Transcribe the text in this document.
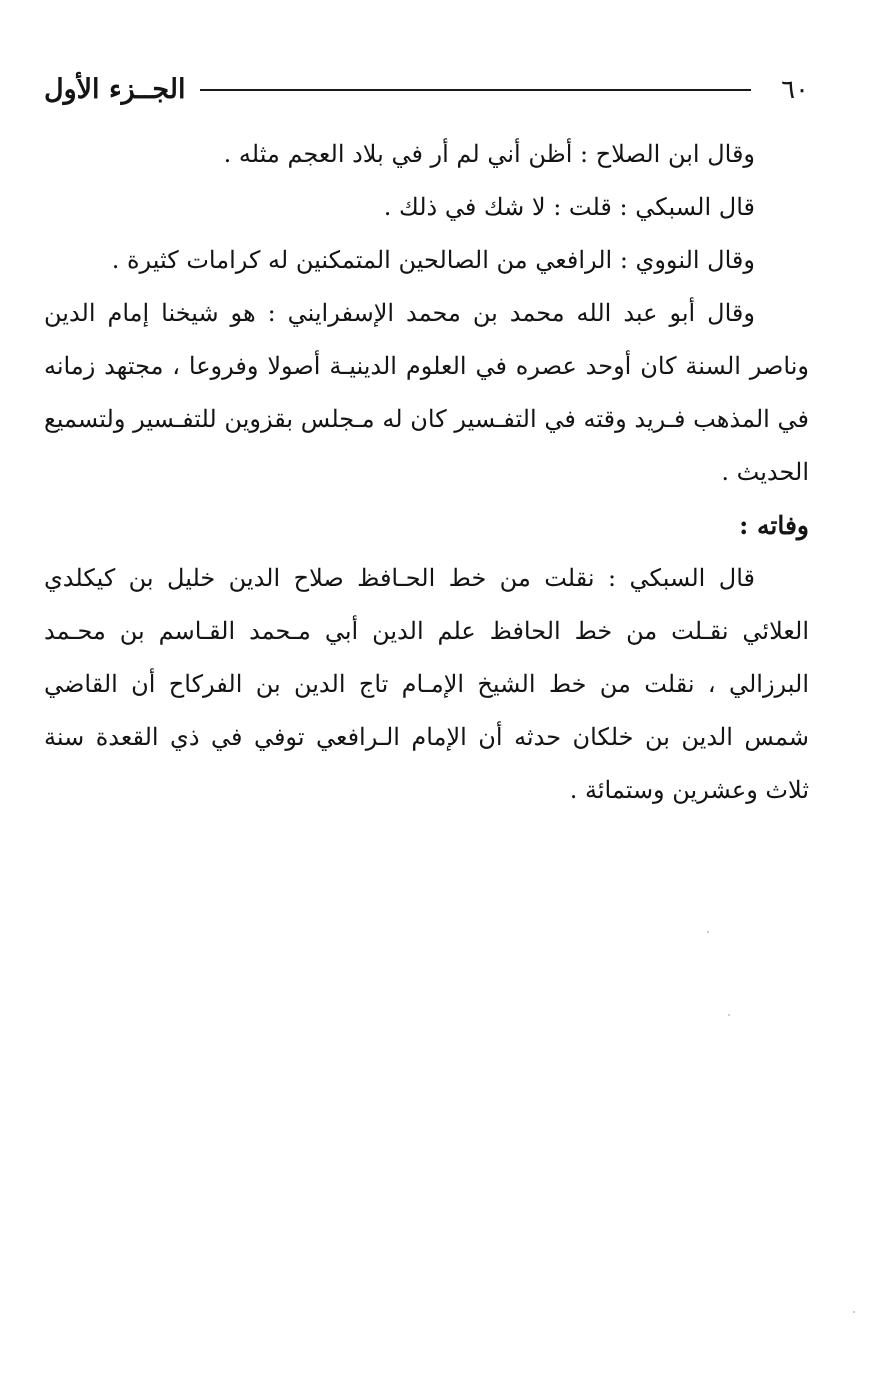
٦٠
الجــزء الأول

وقال ابن الصلاح : أظن أني لم أر في بلاد العجم مثله .

قال السبكي : قلت : لا شك في ذلك .

وقال النووي : الرافعي من الصالحين المتمكنين له كرامات كثيرة .

وقال أبو عبد الله محمد بن محمد الإسفرايني : هو شيخنا إمام الدين وناصر السنة كان أوحد عصره في العلوم الدينيـة أصولا وفروعا ، مجتهد زمانه في المذهب فـريد وقته في التفـسير كان له مـجلس بقزوين للتفـسير ولتسميع الحديث .

وفاته :

قال السبكي : نقلت من خط الحـافظ صلاح الدين خليل بن كيكلدي العلائي نقـلت من خط الحافظ علم الدين أبي مـحمد القـاسم بن محـمد البرزالي ، نقلت من خط الشيخ الإمـام تاج الدين بن الفركاح أن القاضي شمس الدين بن خلكان حدثه أن الإمام الـرافعي توفي في ذي القعدة سنة ثلاث وعشرين وستمائة .
